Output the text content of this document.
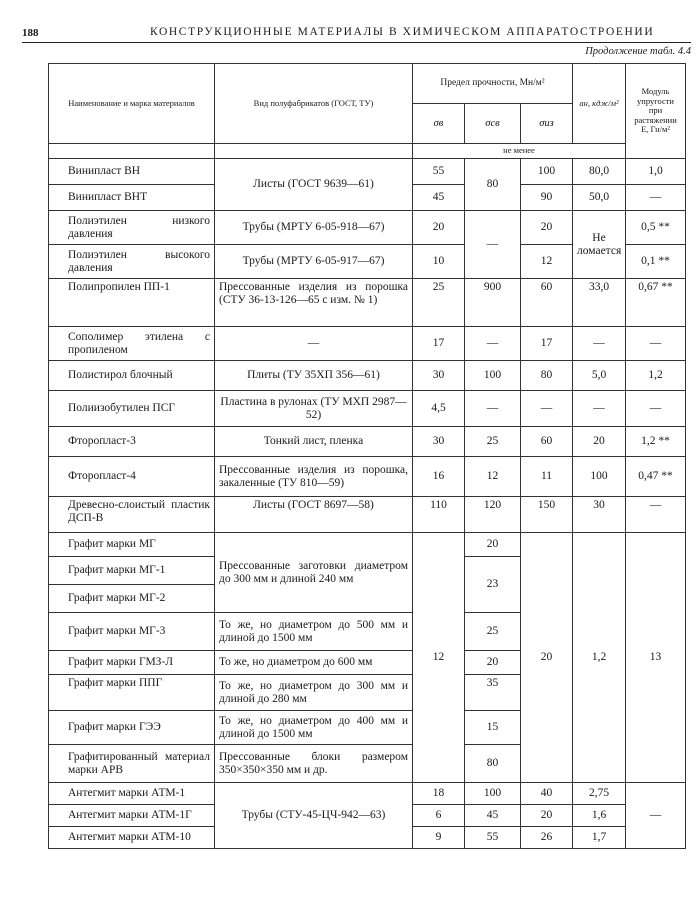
188	КОНСТРУКЦИОННЫЕ МАТЕРИАЛЫ В ХИМИЧЕСКОМ АППАРАТОСТРОЕНИИ
Продолжение табл. 4.4
Наименование и марка материалов	Вид полуфабрикатов (ГОСТ, ТУ)	Предел прочности, Мн/м²			aн, кдж/м²	Модуль упругости при растяжении E, Гн/м²
		σв	σсв	σиз		
		не менее				
Винипласт ВН	Листы (ГОСТ 9639—61)	55	80	100	80,0	1,0
Винипласт ВНТ		45		90	50,0	—
Полиэтилен низкого давления	Трубы (МРТУ 6-05-918—67)	20	—	20	Не ломается	0,5 **
Полиэтилен высокого давления	Трубы (МРТУ 6-05-917—67)	10		12		0,1 **
Полипропилен ПП-1	Прессованные изделия из порошка (СТУ 36-13-126—65 с изм. № 1)	25	900	60	33,0	0,67 **
Сополимер этилена с пропиленом	—	17	—	17	—	—
Полистирол блочный	Плиты (ТУ 35ХП 356—61)	30	100	80	5,0	1,2
Полиизобутилен ПСГ	Пластина в рулонах (ТУ МХП 2987—52)	4,5	—	—	—	—
Фторопласт-3	Тонкий лист, пленка	30	25	60	20	1,2 **
Фторопласт-4	Прессованные изделия из порошка, закаленные (ТУ 810—59)	16	12	11	100	0,47 **
Древесно-слоистый пластик ДСП-В	Листы (ГОСТ 8697—58)	110	120	150	30	—
Графит марки МГ	Прессованные заготовки диаметром до 300 мм и длиной 240 мм	12	20	20	1,2	13
Графит марки МГ-1			23			
Графит марки МГ-2						
Графит марки МГ-3	То же, но диаметром до 500 мм и длиной до 1500 мм		25			
Графит марки ГМЗ-Л	То же, но диаметром до 600 мм		20			
Графит марки ППГ	То же, но диаметром до 300 мм и длиной до 280 мм		35			
Графит марки ГЭЭ	То же, но диаметром до 400 мм и длиной до 1500 мм		15			
Графитированный материал марки АРВ	Прессованные блоки размером 350×350×350 мм и др.		80			
Антегмит марки АТМ-1	Трубы (СТУ-45-ЦЧ-942—63)	18	100	40	2,75	—
Антегмит марки АТМ-1Г		6	45	20	1,6	
Антегмит марки АТМ-10		9	55	26	1,7	
